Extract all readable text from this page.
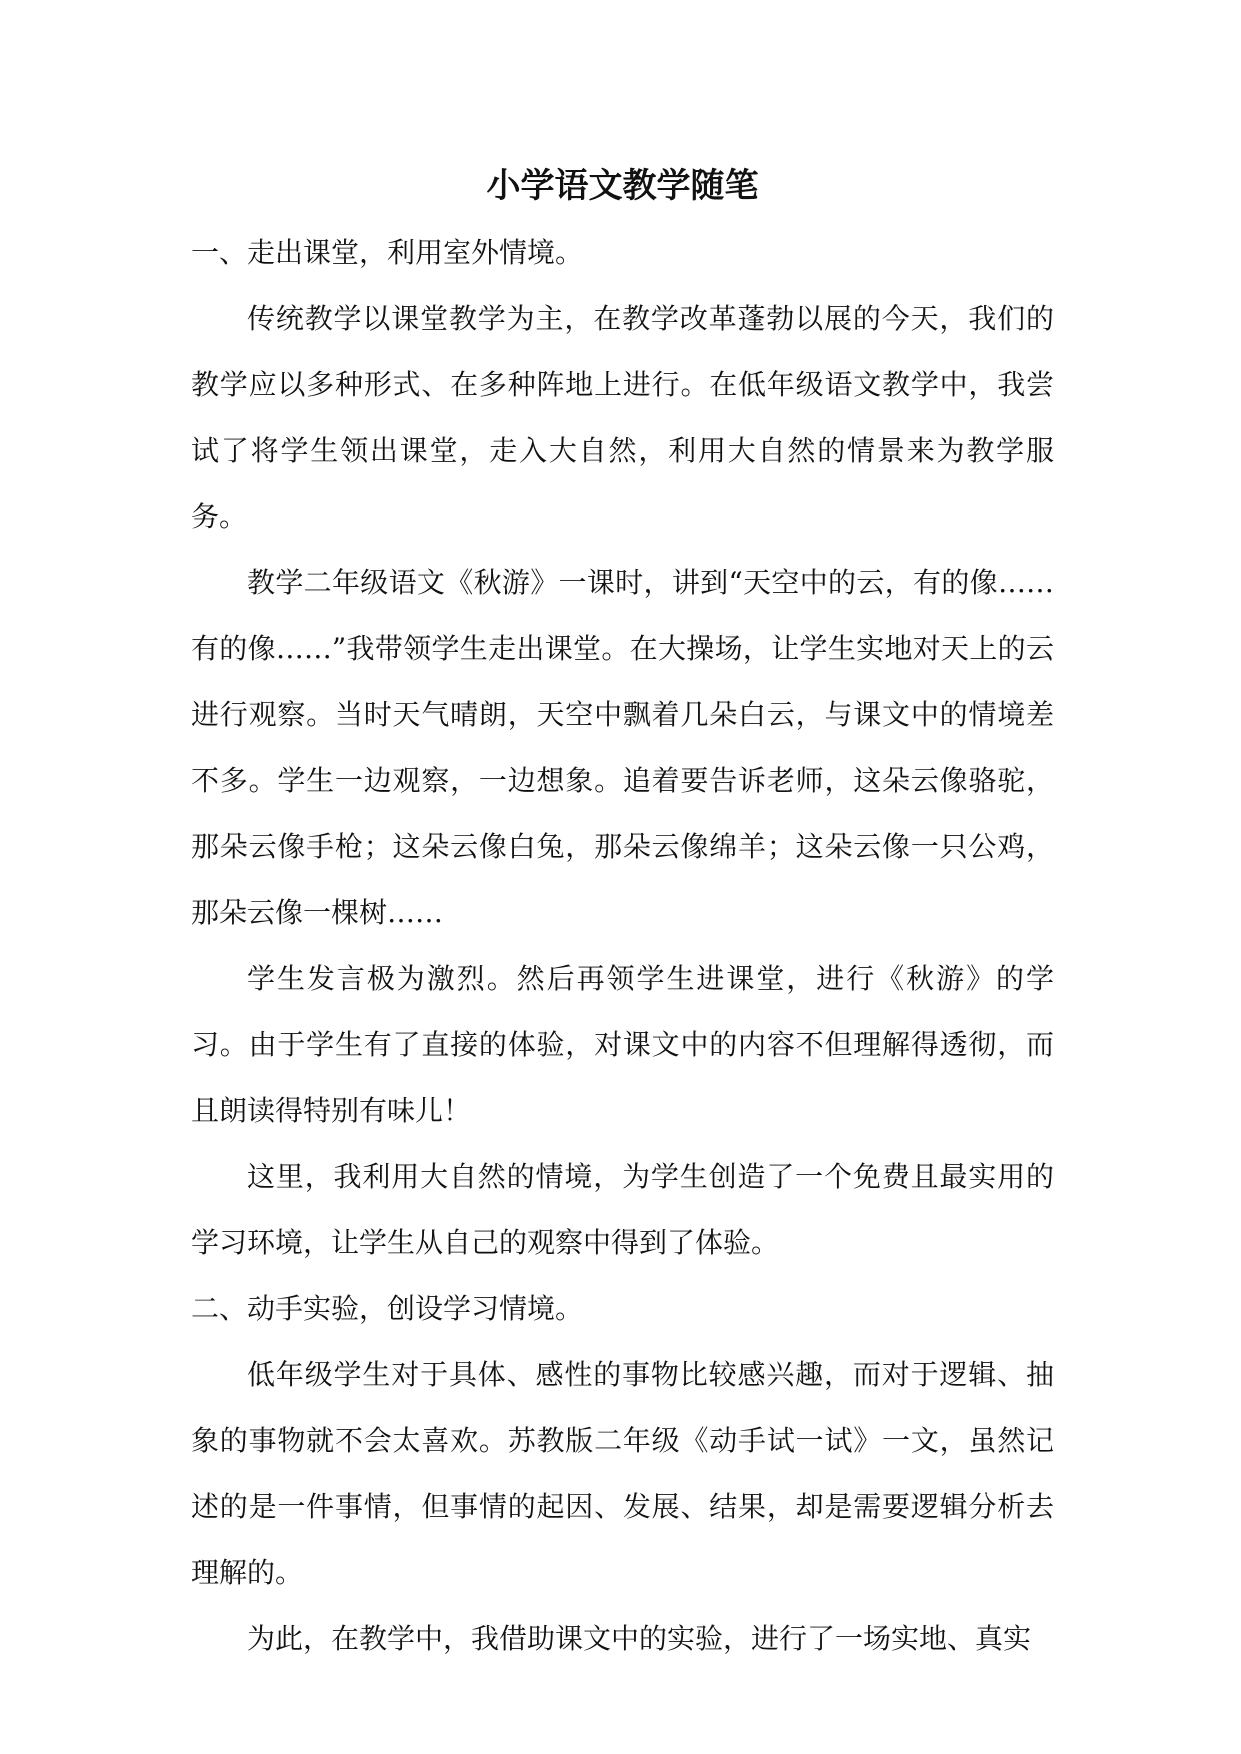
小学语文教学随笔

一、走出课堂，利用室外情境。

传统教学以课堂教学为主，在教学改革蓬勃以展的今天，我们的教学应以多种形式、在多种阵地上进行。在低年级语文教学中，我尝试了将学生领出课堂，走入大自然，利用大自然的情景来为教学服务。

教学二年级语文《秋游》一课时，讲到“天空中的云，有的像……有的像……”我带领学生走出课堂。在大操场，让学生实地对天上的云进行观察。当时天气晴朗，天空中飘着几朵白云，与课文中的情境差不多。学生一边观察，一边想象。追着要告诉老师，这朵云像骆驼，那朵云像手枪；这朵云像白兔，那朵云像绵羊；这朵云像一只公鸡，那朵云像一棵树……

学生发言极为激烈。然后再领学生进课堂，进行《秋游》的学习。由于学生有了直接的体验，对课文中的内容不但理解得透彻，而且朗读得特别有味儿！

这里，我利用大自然的情境，为学生创造了一个免费且最实用的学习环境，让学生从自己的观察中得到了体验。

二、动手实验，创设学习情境。

低年级学生对于具体、感性的事物比较感兴趣，而对于逻辑、抽象的事物就不会太喜欢。苏教版二年级《动手试一试》一文，虽然记述的是一件事情，但事情的起因、发展、结果，却是需要逻辑分析去理解的。

为此，在教学中，我借助课文中的实验，进行了一场实地、真实
